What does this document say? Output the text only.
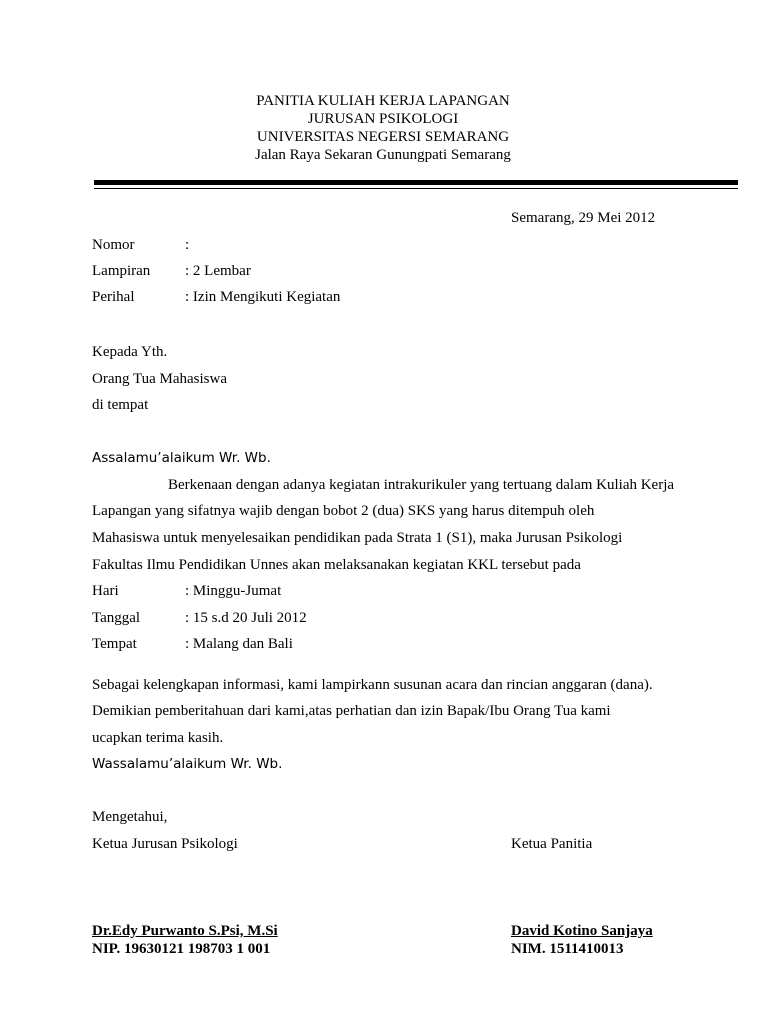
PANITIA KULIAH KERJA LAPANGAN
JURUSAN PSIKOLOGI
UNIVERSITAS NEGERSI SEMARANG
Jalan Raya Sekaran Gunungpati Semarang
Semarang, 29 Mei 2012
Nomor	:
Lampiran : 2 Lembar
Perihal	: Izin Mengikuti Kegiatan
Kepada Yth.
Orang Tua Mahasiswa
di tempat
Assalamu’alaikum Wr. Wb.
Berkenaan dengan adanya kegiatan intrakurikuler yang tertuang dalam Kuliah Kerja
Lapangan yang sifatnya wajib dengan bobot 2 (dua) SKS yang harus ditempuh oleh
Mahasiswa untuk menyelesaikan pendidikan pada Strata 1 (S1), maka Jurusan Psikologi
Fakultas Ilmu Pendidikan Unnes akan melaksanakan kegiatan KKL tersebut pada
Hari	: Minggu-Jumat
Tanggal	: 15 s.d 20 Juli 2012
Tempat	: Malang dan Bali
Sebagai kelengkapan informasi, kami lampirkann susunan acara dan rincian anggaran (dana).
Demikian pemberitahuan dari kami,atas perhatian dan izin Bapak/Ibu Orang Tua kami
ucapkan terima kasih.
Wassalamu’alaikum Wr. Wb.
Mengetahui,
Ketua Jurusan Psikologi	Ketua Panitia
Dr.Edy Purwanto S.Psi, M.Si
NIP. 19630121 198703 1 001
David Kotino Sanjaya
NIM. 1511410013
